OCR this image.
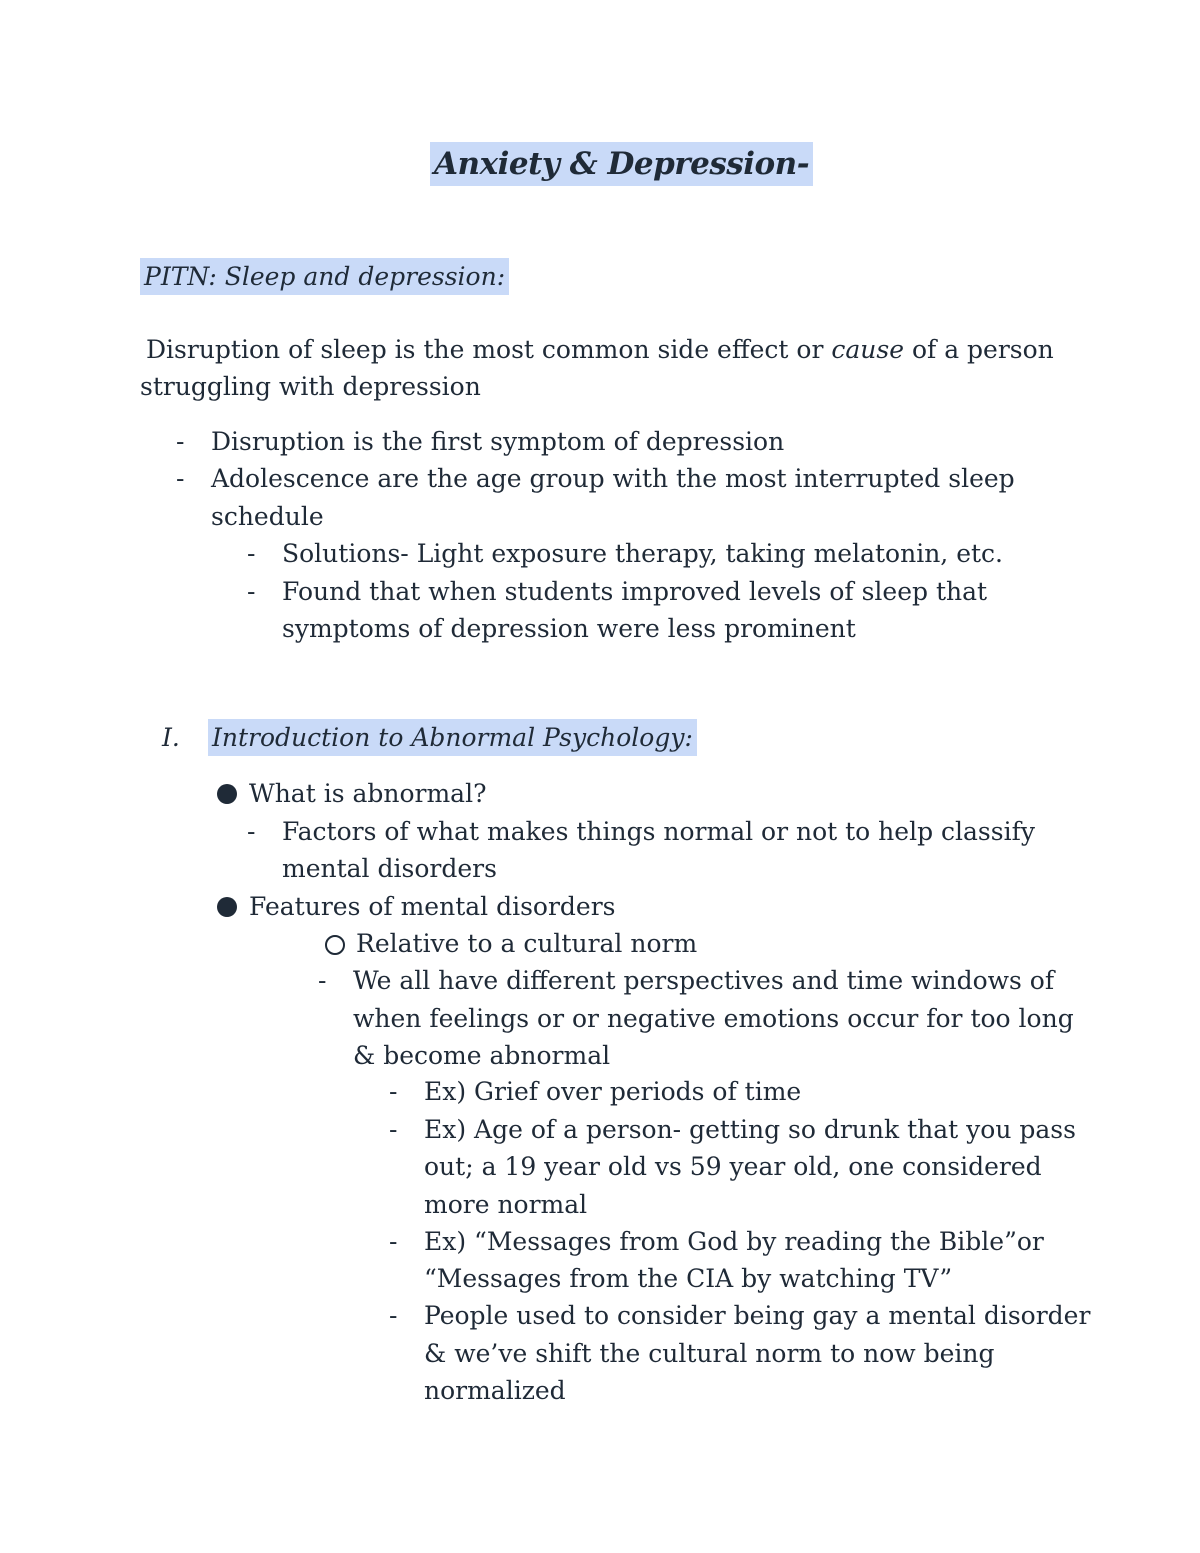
Anxiety & Depression-
PITN: Sleep and depression:
Disruption of sleep is the most common side effect or cause of a person
struggling with depression
- Disruption is the first symptom of depression
- Adolescence are the age group with the most interrupted sleep
schedule
- Solutions- Light exposure therapy, taking melatonin, etc.
- Found that when students improved levels of sleep that
symptoms of depression were less prominent
I. Introduction to Abnormal Psychology:
What is abnormal?
- Factors of what makes things normal or not to help classify
mental disorders
Features of mental disorders
Relative to a cultural norm
- We all have different perspectives and time windows of
when feelings or or negative emotions occur for too long
& become abnormal
- Ex) Grief over periods of time
- Ex) Age of a person- getting so drunk that you pass
out; a 19 year old vs 59 year old, one considered
more normal
- Ex) “Messages from God by reading the Bible”or
“Messages from the CIA by watching TV”
- People used to consider being gay a mental disorder
& we’ve shift the cultural norm to now being
normalized
